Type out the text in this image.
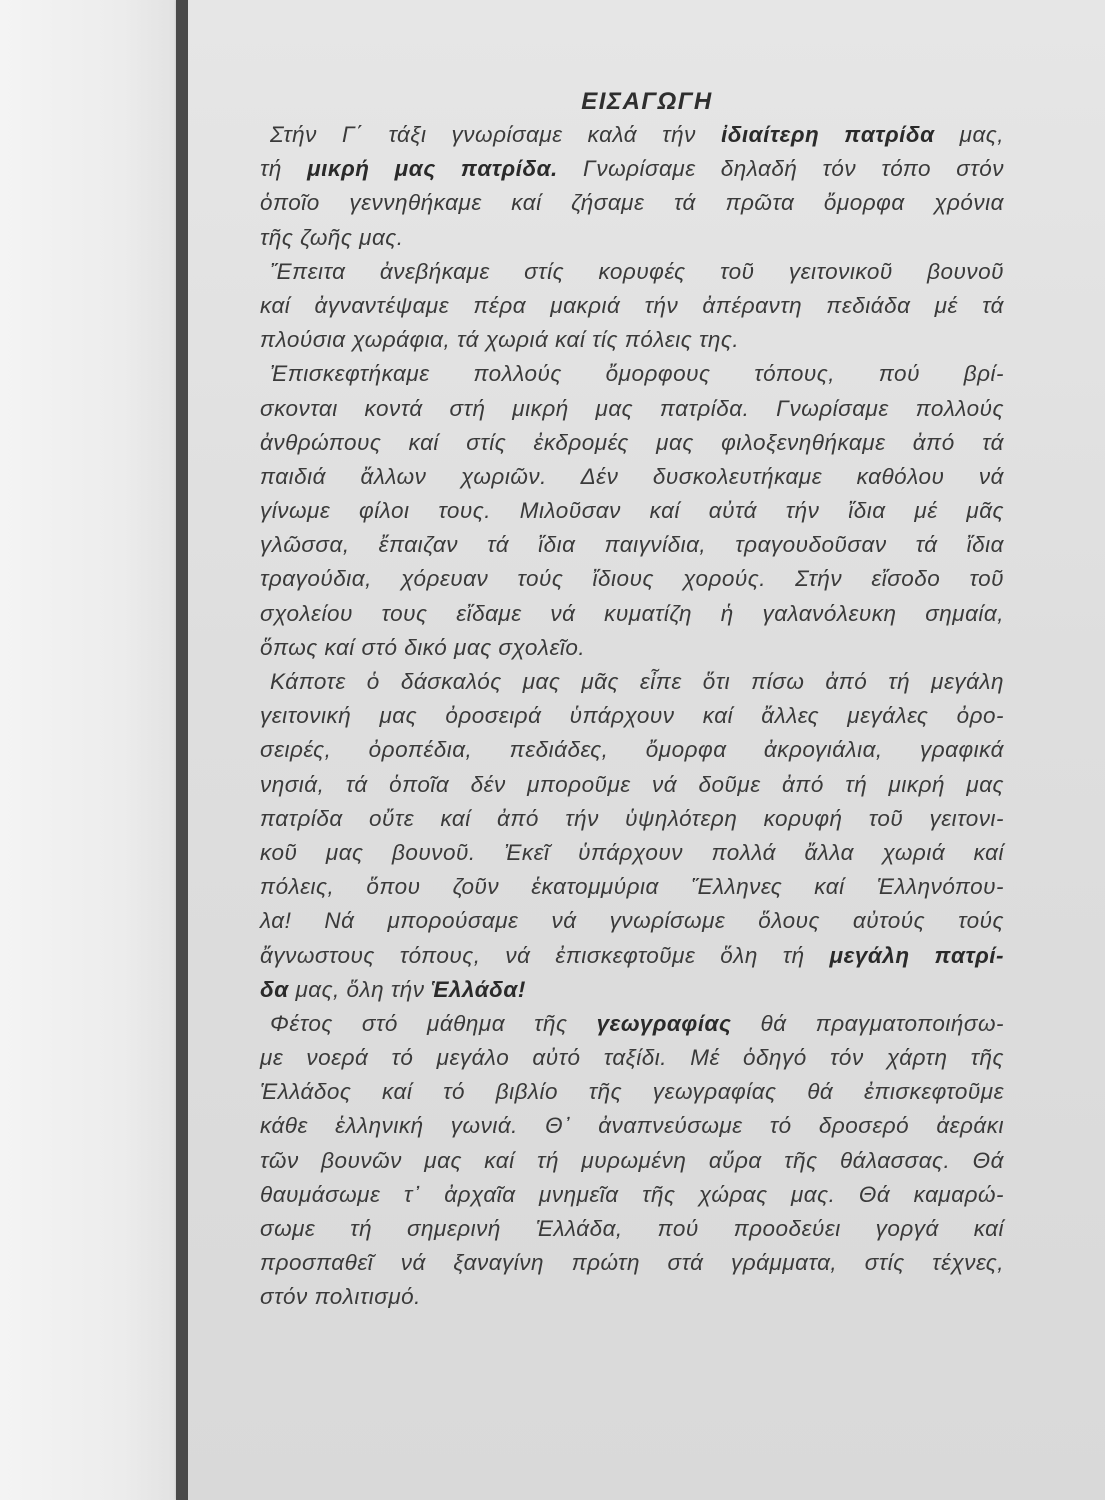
ΕΙΣΑΓΩΓΗ
Στήν Γ΄ τάξι γνωρίσαμε καλά τήν ἰδιαίτερη πατρίδα μας,
τή μικρή μας πατρίδα. Γνωρίσαμε δηλαδή τόν τόπο στόν
ὁποῖο γεννηθήκαμε καί ζήσαμε τά πρῶτα ὄμορφα χρόνια
τῆς ζωῆς μας.
Ἔπειτα ἀνεβήκαμε στίς κορυφές τοῦ γειτονικοῦ βουνοῦ
καί ἀγναντέψαμε πέρα μακριά τήν ἀπέραντη πεδιάδα μέ τά
πλούσια χωράφια, τά χωριά καί τίς πόλεις της.
Ἐπισκεφτήκαμε πολλούς ὄμορφους τόπους, πού βρί-
σκονται κοντά στή μικρή μας πατρίδα. Γνωρίσαμε πολλούς
ἀνθρώπους καί στίς ἐκδρομές μας φιλοξενηθήκαμε ἀπό τά
παιδιά ἄλλων χωριῶν. Δέν δυσκολευτήκαμε καθόλου νά
γίνωμε φίλοι τους. Μιλοῦσαν καί αὐτά τήν ἴδια μέ μᾶς
γλῶσσα, ἔπαιζαν τά ἴδια παιγνίδια, τραγουδοῦσαν τά ἴδια
τραγούδια, χόρευαν τούς ἴδιους χορούς. Στήν εἴσοδο τοῦ
σχολείου τους εἴδαμε νά κυματίζη ἡ γαλανόλευκη σημαία,
ὅπως καί στό δικό μας σχολεῖο.
Κάποτε ὁ δάσκαλός μας μᾶς εἶπε ὅτι πίσω ἀπό τή μεγάλη
γειτονική μας ὀροσειρά ὑπάρχουν καί ἄλλες μεγάλες ὀρο-
σειρές, ὀροπέδια, πεδιάδες, ὄμορφα ἀκρογιάλια, γραφικά
νησιά, τά ὁποῖα δέν μποροῦμε νά δοῦμε ἀπό τή μικρή μας
πατρίδα οὔτε καί ἀπό τήν ὑψηλότερη κορυφή τοῦ γειτονι-
κοῦ μας βουνοῦ. Ἐκεῖ ὑπάρχουν πολλά ἄλλα χωριά καί
πόλεις, ὅπου ζοῦν ἑκατομμύρια Ἕλληνες καί Ἑλληνόπου-
λα! Νά μπορούσαμε νά γνωρίσωμε ὅλους αὐτούς τούς
ἄγνωστους τόπους, νά ἐπισκεφτοῦμε ὅλη τή μεγάλη πατρί-
δα μας, ὅλη τήν Ἑλλάδα!
Φέτος στό μάθημα τῆς γεωγραφίας θά πραγματοποιήσω-
με νοερά τό μεγάλο αὐτό ταξίδι. Μέ ὁδηγό τόν χάρτη τῆς
Ἑλλάδος καί τό βιβλίο τῆς γεωγραφίας θά ἐπισκεφτοῦμε
κάθε ἑλληνική γωνιά. Θ᾽ ἀναπνεύσωμε τό δροσερό ἀεράκι
τῶν βουνῶν μας καί τή μυρωμένη αὔρα τῆς θάλασσας. Θά
θαυμάσωμε τ᾽ ἀρχαῖα μνημεῖα τῆς χώρας μας. Θά καμαρώ-
σωμε τή σημερινή Ἑλλάδα, πού προοδεύει γοργά καί
προσπαθεῖ νά ξαναγίνη πρώτη στά γράμματα, στίς τέχνες,
στόν πολιτισμό.
